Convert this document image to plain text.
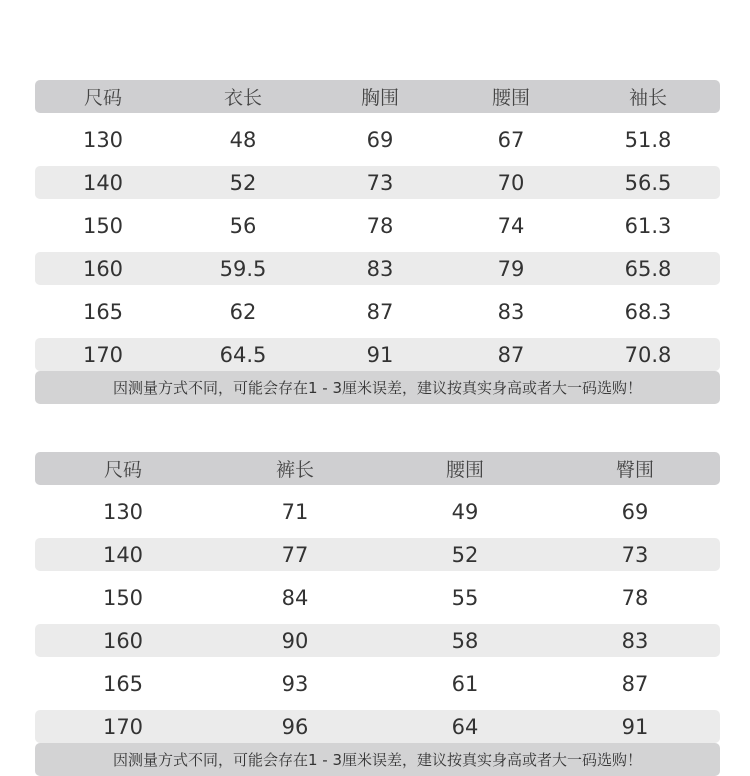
尺码	衣长	胸围	腰围	袖长
130	48	69	67	51.8
140	52	73	70	56.5
150	56	78	74	61.3
160	59.5	83	79	65.8
165	62	87	83	68.3
170	64.5	91	87	70.8
因测量方式不同，可能会存在1 - 3厘米误差，建议按真实身高或者大一码选购！
尺码	裤长	腰围	臀围
130	71	49	69
140	77	52	73
150	84	55	78
160	90	58	83
165	93	61	87
170	96	64	91
因测量方式不同，可能会存在1 - 3厘米误差，建议按真实身高或者大一码选购！
